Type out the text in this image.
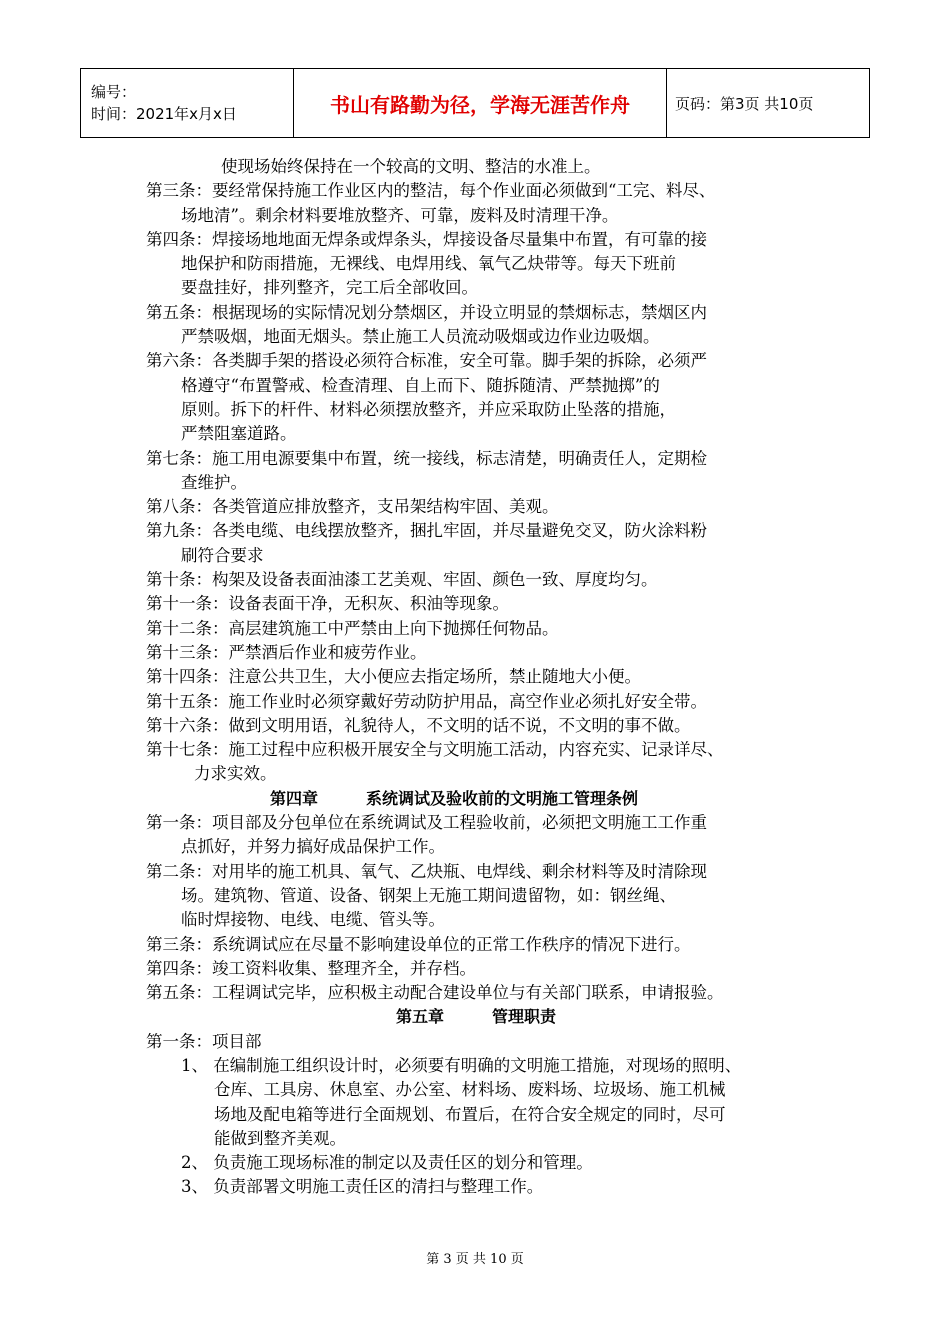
编号：
时间：2021年x月x日	书山有路勤为径，学海无涯苦作舟	页码：第3页 共10页
使现场始终保持在一个较高的文明、整洁的水准上。
第三条：要经常保持施工作业区内的整洁，每个作业面必须做到“工完、料尽、
场地清”。剩余材料要堆放整齐、可靠，废料及时清理干净。
第四条：焊接场地地面无焊条或焊条头，焊接设备尽量集中布置，有可靠的接
地保护和防雨措施，无裸线、电焊用线、氧气乙炔带等。每天下班前
要盘挂好，排列整齐，完工后全部收回。
第五条：根据现场的实际情况划分禁烟区，并设立明显的禁烟标志，禁烟区内
严禁吸烟，地面无烟头。禁止施工人员流动吸烟或边作业边吸烟。
第六条：各类脚手架的搭设必须符合标准，安全可靠。脚手架的拆除，必须严
格遵守“布置警戒、检查清理、自上而下、随拆随清、严禁抛掷”的
原则。拆下的杆件、材料必须摆放整齐，并应采取防止坠落的措施，
严禁阻塞道路。
第七条：施工用电源要集中布置，统一接线，标志清楚，明确责任人，定期检
查维护。
第八条：各类管道应排放整齐，支吊架结构牢固、美观。
第九条：各类电缆、电线摆放整齐，捆扎牢固，并尽量避免交叉，防火涂料粉
刷符合要求
第十条：构架及设备表面油漆工艺美观、牢固、颜色一致、厚度均匀。
第十一条：设备表面干净，无积灰、积油等现象。
第十二条：高层建筑施工中严禁由上向下抛掷任何物品。
第十三条：严禁酒后作业和疲劳作业。
第十四条：注意公共卫生，大小便应去指定场所，禁止随地大小便。
第十五条：施工作业时必须穿戴好劳动防护用品，高空作业必须扎好安全带。
第十六条：做到文明用语，礼貌待人，不文明的话不说，不文明的事不做。
第十七条：施工过程中应积极开展安全与文明施工活动，内容充实、记录详尽、
力求实效。
第四章	系统调试及验收前的文明施工管理条例
第一条：项目部及分包单位在系统调试及工程验收前，必须把文明施工工作重
点抓好，并努力搞好成品保护工作。
第二条：对用毕的施工机具、氧气、乙炔瓶、电焊线、剩余材料等及时清除现
场。建筑物、管道、设备、钢架上无施工期间遗留物，如：钢丝绳、
临时焊接物、电线、电缆、管头等。
第三条：系统调试应在尽量不影响建设单位的正常工作秩序的情况下进行。
第四条：竣工资料收集、整理齐全，并存档。
第五条：工程调试完毕，应积极主动配合建设单位与有关部门联系，申请报验。
第五章	管理职责
第一条：项目部
1、 在编制施工组织设计时，必须要有明确的文明施工措施，对现场的照明、
仓库、工具房、休息室、办公室、材料场、废料场、垃圾场、施工机械
场地及配电箱等进行全面规划、布置后，在符合安全规定的同时，尽可
能做到整齐美观。
2、 负责施工现场标准的制定以及责任区的划分和管理。
3、 负责部署文明施工责任区的清扫与整理工作。
第 3 页 共 10 页
